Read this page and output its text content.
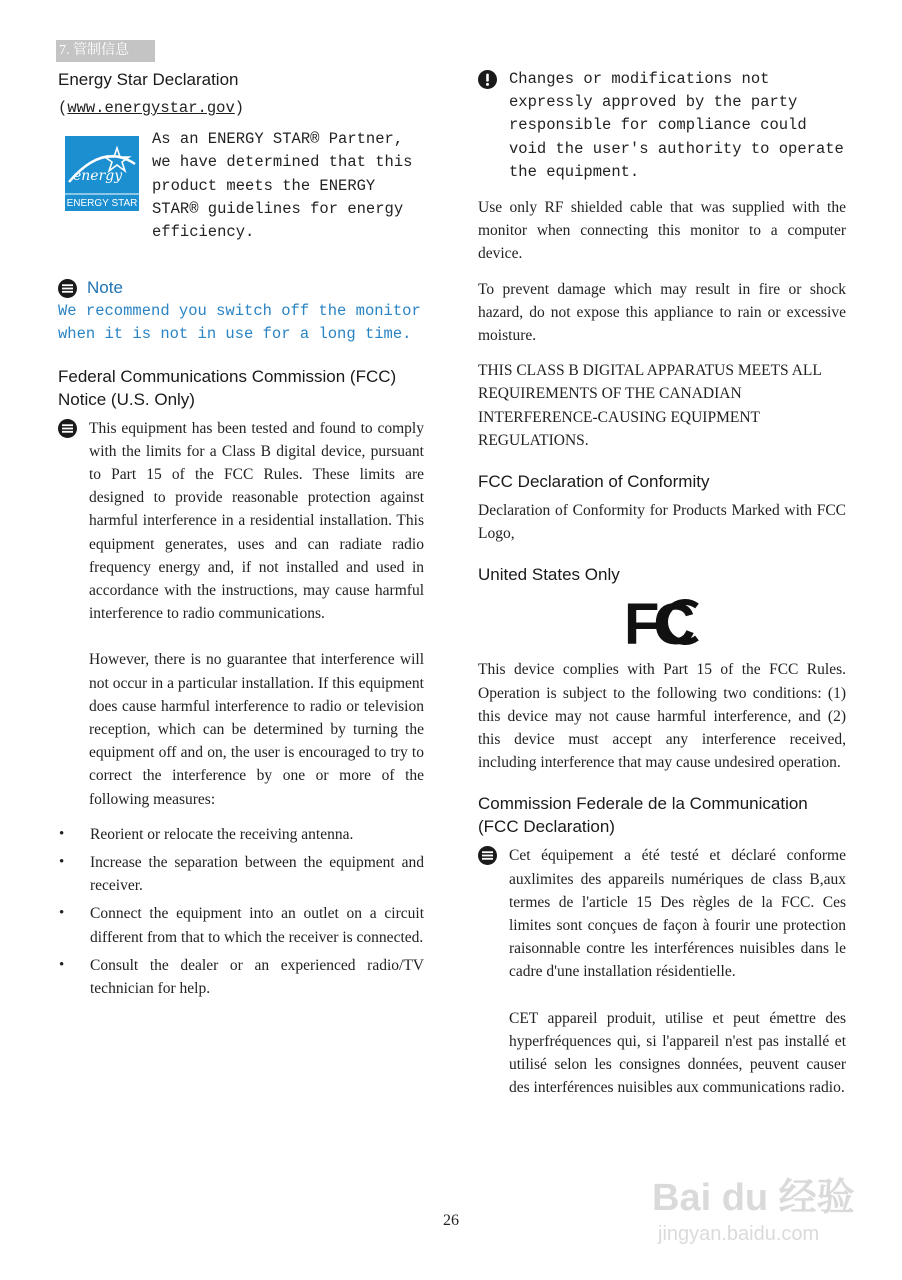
7. 管制信息
Energy Star Declaration

(www.energystar.gov)

energy
ENERGY STAR

As an ENERGY STAR® Partner, we have determined that this product meets the ENERGY STAR® guidelines for energy efficiency.

Note

We recommend you switch off the monitor when it is not in use for a long time.

Federal Communications Commission (FCC) Notice (U.S. Only)

This equipment has been tested and found to comply with the limits for a Class B digital device, pursuant to Part 15 of the FCC Rules. These limits are designed to provide reasonable protection against harmful interference in a residential installation. This equipment generates, uses and can radiate radio frequency energy and, if not installed and used in accordance with the instructions, may cause harmful interference to radio communications.

However, there is no guarantee that interference will not occur in a particular installation. If this equipment does cause harmful interference to radio or television reception, which can be determined by turning the equipment off and on, the user is encouraged to try to correct the interference by one or more of the following measures:

•	Reorient or relocate the receiving antenna.

•	Increase the separation between the equipment and receiver.

•	Connect the equipment into an outlet on a circuit different from that to which the receiver is connected.

•	Consult the dealer or an experienced radio/TV technician for help.

Changes or modifications not expressly approved by the party responsible for compliance could void the user's authority to operate the equipment.

Use only RF shielded cable that was supplied with the monitor when connecting this monitor to a computer device.

To prevent damage which may result in fire or shock hazard, do not expose this appliance to rain or excessive moisture.

THIS CLASS B DIGITAL APPARATUS MEETS ALL REQUIREMENTS OF THE CANADIAN INTERFERENCE-CAUSING EQUIPMENT REGULATIONS.

FCC Declaration of Conformity

Declaration of Conformity for Products Marked with FCC Logo,

United States Only
FC

This device complies with Part 15 of the FCC Rules. Operation is subject to the following two conditions: (1) this device may not cause harmful interference, and (2) this device must accept any interference received, including interference that may cause undesired operation.

Commission Federale de la Communication (FCC Declaration)

Cet équipement a été testé et déclaré conforme auxlimites des appareils numériques de class B,aux termes de l'article 15 Des règles de la FCC. Ces limites sont conçues de façon à fourir une protection raisonnable contre les interférences nuisibles dans le cadre d'une installation résidentielle.

CET appareil produit, utilise et peut émettre des hyperfréquences qui, si l'appareil n'est pas installé et utilisé selon les consignes données, peuvent causer des interférences nuisibles aux communications radio.

26
Bai du 经验
jingyan.baidu.com
